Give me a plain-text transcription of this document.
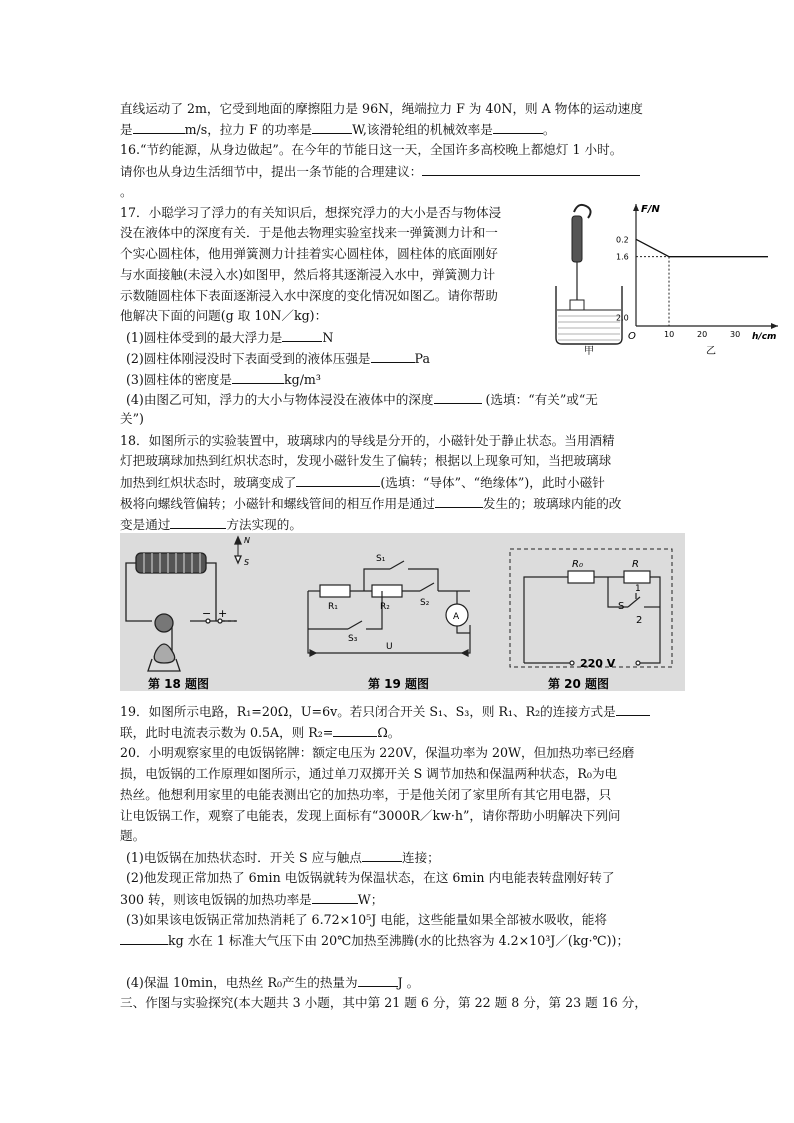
直线运动了 2m，它受到地面的摩擦阻力是 96N，绳端拉力 F 为 40N，则 A 物体的运动速度
是	m/s，拉力 F 的功率是	W,该滑轮组的机械效率是	。
16.“节约能源，从身边做起”。在今年的节能日这一天，全国许多高校晚上都熄灯 1 小时。
请你也从身边生活细节中，提出一条节能的合理建议：
。
17．小聪学习了浮力的有关知识后，想探究浮力的大小是否与物体浸
没在液体中的深度有关．于是他去物理实验室找来一弹簧测力计和一
个实心圆柱体，他用弹簧测力计挂着实心圆柱体，圆柱体的底面刚好
与水面接触(未浸入水)如图甲，然后将其逐渐浸入水中，弹簧测力计
示数随圆柱体下表面逐渐浸入水中深度的变化情况如图乙。请你帮助
他解决下面的问题(g 取 10N／kg)：
(1)圆柱体受到的最大浮力是	N
(2)圆柱体刚浸没时下表面受到的液体压强是	Pa
(3)圆柱体的密度是	kg/m³
(4)由图乙可知，浮力的大小与物体浸没在液体中的深度	(选填：“有关”或“无
关”)
甲
F/N
h/cm
O
2.0
1.6
0.2
10	20	30
乙
18．如图所示的实验装置中，玻璃球内的导线是分开的，小磁针处于静止状态。当用酒精
灯把玻璃球加热到红炽状态时，发现小磁针发生了偏转；根据以上现象可知，当把玻璃球
加热到红炽状态时，玻璃变成了	(选填：“导体”、“绝缘体”)，此时小磁针
极将向螺线管偏转；小磁针和螺线管间的相互作用是通过	发生的；玻璃球内能的改
变是通过	方法实现的。
N
S
− +
第 18 题图
S₁
R₁	R₂	S₂
A
S₃
U
第 19 题图
R₀	R
S
1
2
220 V
第 20 题图
19．如图所示电路，R₁=20Ω，U=6v。若只闭合开关 S₁、S₃，则 R₁、R₂的连接方式是
联，此时电流表示数为 0.5A，则 R₂=	Ω。
20．小明观察家里的电饭锅铭牌：额定电压为 220V，保温功率为 20W，但加热功率已经磨
损，电饭锅的工作原理如图所示，通过单刀双掷开关 S 调节加热和保温两种状态，R₀为电
热丝。他想利用家里的电能表测出它的加热功率，于是他关闭了家里所有其它用电器，只
让电饭锅工作，观察了电能表，发现上面标有“3000R／kw·h”，请你帮助小明解决下列问
题。
(1)电饭锅在加热状态时．开关 S 应与触点	连接；
(2)他发现正常加热了 6min 电饭锅就转为保温状态，在这 6min 内电能表转盘刚好转了
300 转，则该电饭锅的加热功率是	W；
(3)如果该电饭锅正常加热消耗了 6.72×10⁵J 电能，这些能量如果全部被水吸收，能将
kg 水在 1 标准大气压下由 20℃加热至沸腾(水的比热容为 4.2×10³J／(kg·℃))；
(4)保温 10min，电热丝 R₀产生的热量为	J 。
三、作图与实验探究(本大题共 3 小题，其中第 21 题 6 分，第 22 题 8 分，第 23 题 16 分，
